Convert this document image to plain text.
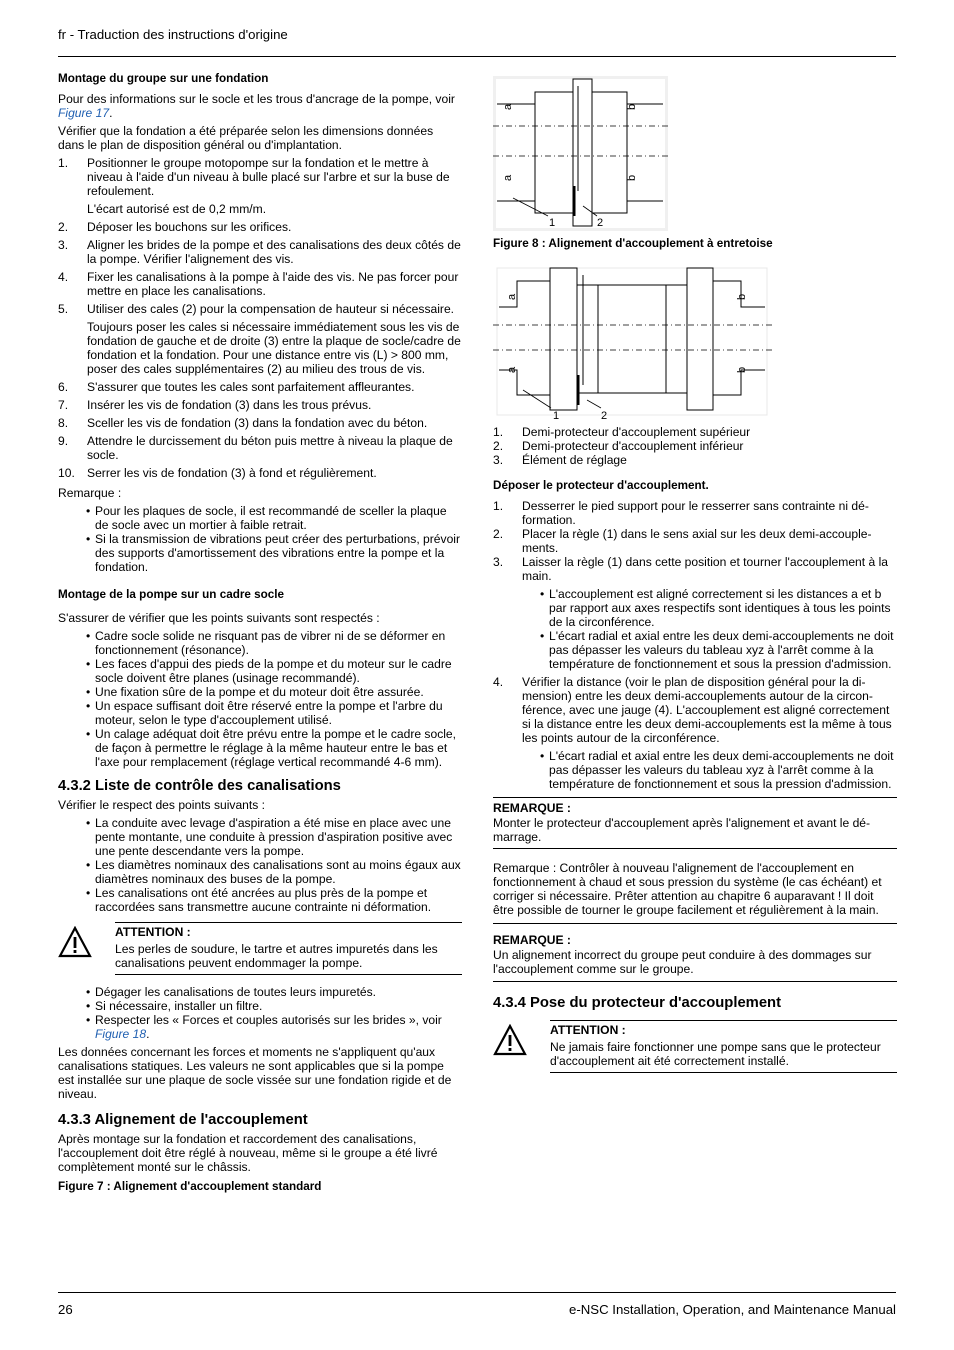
fr - Traduction des instructions d'origine
Montage du groupe sur une fondation

Pour des informations sur le socle et les trous d'ancrage de la pompe, voir Figure 17.

Vérifier que la fondation a été préparée selon les dimensions données dans le plan de disposition général ou d'implantation.

1. Positionner le groupe motopompe sur la fondation et le mettre à niveau à l'aide d'un niveau à bulle placé sur l'arbre et sur la buse de refoulement.
L'écart autorisé est de 0,2 mm/m.
2. Déposer les bouchons sur les orifices.
3. Aligner les brides de la pompe et des canalisations des deux côtés de la pompe. Vérifier l'alignement des vis.
4. Fixer les canalisations à la pompe à l'aide des vis. Ne pas forcer pour mettre en place les canalisations.
5. Utiliser des cales (2) pour la compensation de hauteur si nécessaire.
Toujours poser les cales si nécessaire immédiatement sous les vis de fondation de gauche et de droite (3) entre la plaque de socle/cadre de fondation et la fondation. Pour une distance entre vis (L) > 800 mm, poser des cales supplémentaires (2) au milieu des trous de vis.
6. S'assurer que toutes les cales sont parfaitement affleurantes.
7. Insérer les vis de fondation (3) dans les trous prévus.
8. Sceller les vis de fondation (3) dans la fondation avec du béton.
9. Attendre le durcissement du béton puis mettre à niveau la plaque de socle.
10. Serrer les vis de fondation (3) à fond et régulièrement.

Remarque :

• Pour les plaques de socle, il est recommandé de sceller la plaque de socle avec un mortier à faible retrait.
• Si la transmission de vibrations peut créer des perturbations, prévoir des supports d'amortissement des vibrations entre la pompe et la fondation.
Montage de la pompe sur un cadre socle

S'assurer de vérifier que les points suivants sont respectés :

• Cadre socle solide ne risquant pas de vibrer ni de se déformer en fonctionnement (résonance).
• Les faces d'appui des pieds de la pompe et du moteur sur le cadre socle doivent être planes (usinage recommandé).
• Une fixation sûre de la pompe et du moteur doit être assurée.
• Un espace suffisant doit être réservé entre la pompe et l'arbre du moteur, selon le type d'accouplement utilisé.
• Un calage adéquat doit être prévu entre la pompe et le cadre socle, de façon à permettre le réglage à la même hauteur entre le bas et l'axe pour remplacement (réglage vertical recommandé 4-6 mm).
4.3.2 Liste de contrôle des canalisations

Vérifier le respect des points suivants :

• La conduite avec levage d'aspiration a été mise en place avec une pente montante, une conduite à pression d'aspiration positive avec une pente descendante vers la pompe.
• Les diamètres nominaux des canalisations sont au moins égaux aux diamètres nominaux des buses de la pompe.
• Les canalisations ont été ancrées au plus près de la pompe et raccordées sans transmettre aucune contrainte ni déformation.
ATTENTION :
Les perles de soudure, le tartre et autres impuretés dans les canalisations peuvent endommager la pompe.
• Dégager les canalisations de toutes leurs impuretés.
• Si nécessaire, installer un filtre.
• Respecter les « Forces et couples autorisés sur les brides », voir Figure 18.

Les données concernant les forces et moments ne s'appliquent qu'aux canalisations statiques. Les valeurs ne sont applicables que si la pompe est installée sur une plaque de socle vissée sur une fondation rigide et de niveau.

4.3.3 Alignement de l'accouplement

Après montage sur la fondation et raccordement des canalisations, l'accouplement doit être réglé à nouveau, même si le groupe a été livré complètement monté sur le châssis.

Figure 7 : Alignement d'accouplement standard
a
a
b
b
1	2
Figure 8 : Alignement d'accouplement à entretoise
a
a
b
b
1	2
1. Demi-protecteur d'accouplement supérieur
2. Demi-protecteur d'accouplement inférieur
3. Élément de réglage
Déposer le protecteur d'accouplement.
1. Desserrer le pied support pour le resserrer sans contrainte ni déformation.
2. Placer la règle (1) dans le sens axial sur les deux demi-accouplements.
3. Laisser la règle (1) dans cette position et tourner l'accouplement à la main.
• L'accouplement est aligné correctement si les distances a et b par rapport aux axes respectifs sont identiques à tous les points de la circonférence.
• L'écart radial et axial entre les deux demi-accouplements ne doit pas dépasser les valeurs du tableau xyz à l'arrêt comme à la température de fonctionnement et sous la pression d'admission.
4. Vérifier la distance (voir le plan de disposition général pour la dimension) entre les deux demi-accouplements autour de la circonférence, avec une jauge (4). L'accouplement est aligné correctement si la distance entre les deux demi-accouplements est la même à tous les points autour de la circonférence.
• L'écart radial et axial entre les deux demi-accouplements ne doit pas dépasser les valeurs du tableau xyz à l'arrêt comme à la température de fonctionnement et sous la pression d'admission.
REMARQUE :
Monter le protecteur d'accouplement après l'alignement et avant le démarrage.
Remarque : Contrôler à nouveau l'alignement de l'accouplement en fonctionnement à chaud et sous pression du système (le cas échéant) et corriger si nécessaire. Prêter attention au chapitre 6 auparavant ! Il doit être possible de tourner le groupe facilement et régulièrement à la main.
REMARQUE :
Un alignement incorrect du groupe peut conduire à des dommages sur l'accouplement comme sur le groupe.
4.3.4 Pose du protecteur d'accouplement
ATTENTION :
Ne jamais faire fonctionner une pompe sans que le protecteur d'accouplement ait été correctement installé.
26	e-NSC Installation, Operation, and Maintenance Manual
